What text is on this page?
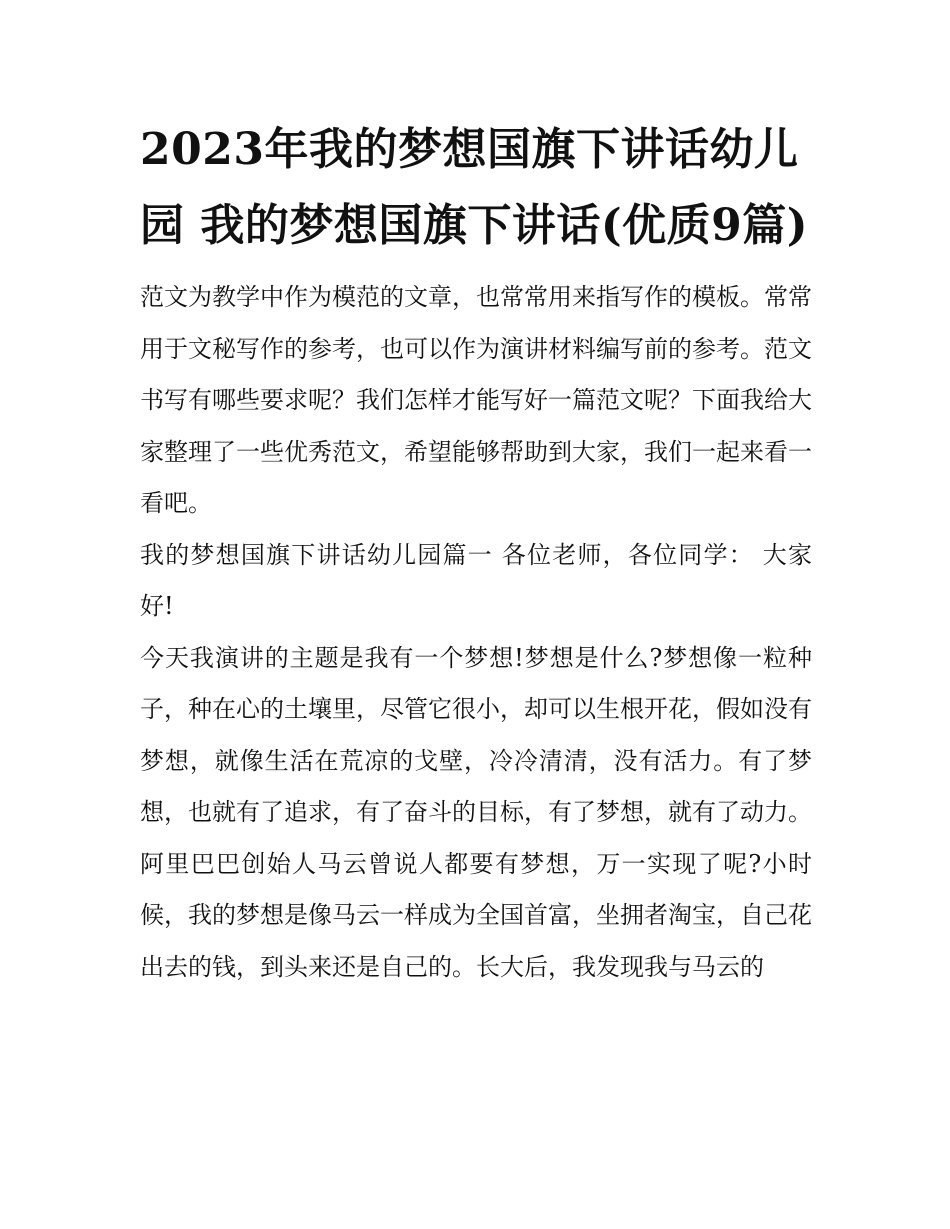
2023年我的梦想国旗下讲话幼儿园 我的梦想国旗下讲话(优质9篇)

范文为教学中作为模范的文章，也常常用来指写作的模板。常常用于文秘写作的参考，也可以作为演讲材料编写前的参考。范文书写有哪些要求呢？我们怎样才能写好一篇范文呢？下面我给大家整理了一些优秀范文，希望能够帮助到大家，我们一起来看一看吧。

我的梦想国旗下讲话幼儿园篇一 各位老师，各位同学： 大家好!

今天我演讲的主题是我有一个梦想!梦想是什么?梦想像一粒种子，种在心的土壤里，尽管它很小，却可以生根开花，假如没有梦想，就像生活在荒凉的戈壁，冷冷清清，没有活力。有了梦想，也就有了追求，有了奋斗的目标，有了梦想，就有了动力。

阿里巴巴创始人马云曾说人都要有梦想，万一实现了呢?小时候，我的梦想是像马云一样成为全国首富，坐拥者淘宝，自己花出去的钱，到头来还是自己的。长大后，我发现我与马云的
